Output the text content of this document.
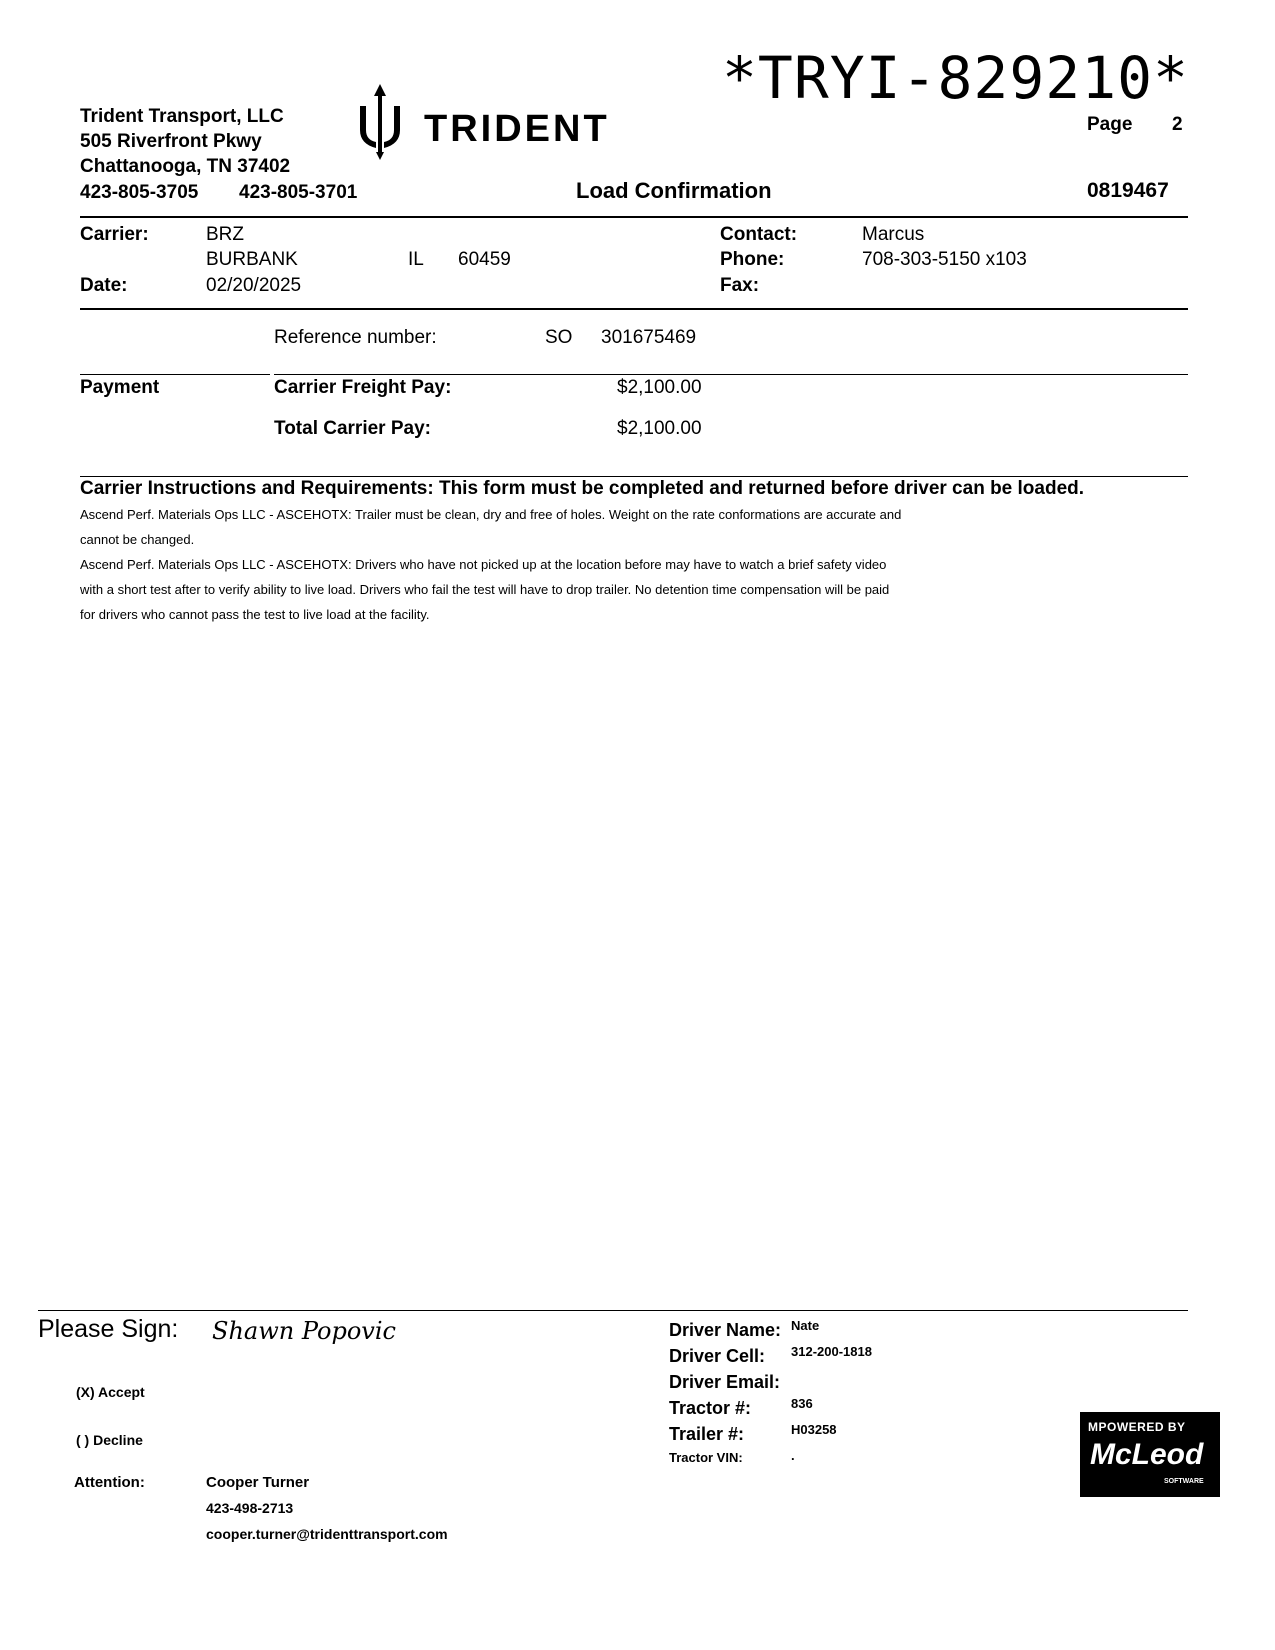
*TRYI-829210*
Trident Transport, LLC
505 Riverfront Pkwy
Chattanooga, TN 37402
TRIDENT	Page 2
423-805-3705 423-805-3701	Load Confirmation	0819467
Carrier:	BRZ
BURBANK	IL 60459
Date:	02/20/2025
Contact:	Marcus
Phone:	708-303-5150 x103
Fax:
Reference number:	SO 301675469
Payment	Carrier Freight Pay:	$2,100.00
Total Carrier Pay:	$2,100.00
Carrier Instructions and Requirements: This form must be completed and returned before driver can be loaded.
Ascend Perf. Materials Ops LLC - ASCEHOTX: Trailer must be clean, dry and free of holes. Weight on the rate conformations are accurate and
cannot be changed.
Ascend Perf. Materials Ops LLC - ASCEHOTX: Drivers who have not picked up at the location before may have to watch a brief safety video
with a short test after to verify ability to live load. Drivers who fail the test will have to drop trailer. No detention time compensation will be paid
for drivers who cannot pass the test to live load at the facility.
Please Sign: Shawn Popovic
(X) Accept
( ) Decline
Attention:	Cooper Turner
423-498-2713
cooper.turner@tridenttransport.com
Driver Name: Nate
Driver Cell: 312-200-1818
Driver Email:
Tractor #:	836
Trailer #:	H03258
Tractor VIN:	.
MPOWERED BY
McLeod
SOFTWARE
